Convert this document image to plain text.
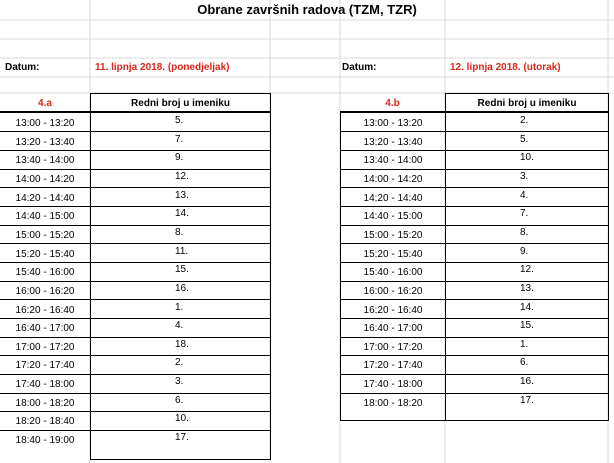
Obrane završnih radova (TZM, TZR)
Datum:	11. lipnja 2018. (ponedjeljak)	Datum:	12. lipnja 2018. (utorak)
4.a	Redni broj u imeniku
13:00 - 13:20	5.
13:20 - 13:40	7.
13:40 - 14:00	9.
14:00 - 14:20	12.
14:20 - 14:40	13.
14:40 - 15:00	14.
15:00 - 15:20	8.
15:20 - 15:40	11.
15:40 - 16:00	15.
16:00 - 16:20	16.
16:20 - 16:40	1.
16:40 - 17:00	4.
17:00 - 17:20	18.
17:20 - 17:40	2.
17:40 - 18:00	3.
18:00 - 18:20	6.
18:20 - 18:40	10.
18:40 - 19:00	17.
4.b	Redni broj u imeniku
13:00 - 13:20	2.
13:20 - 13:40	5.
13:40 - 14:00	10.
14:00 - 14:20	3.
14:20 - 14:40	4.
14:40 - 15:00	7.
15:00 - 15:20	8.
15:20 - 15:40	9.
15:40 - 16:00	12.
16:00 - 16:20	13.
16:20 - 16:40	14.
16:40 - 17:00	15.
17:00 - 17:20	1.
17:20 - 17:40	6.
17:40 - 18:00	16.
18:00 - 18:20	17.
